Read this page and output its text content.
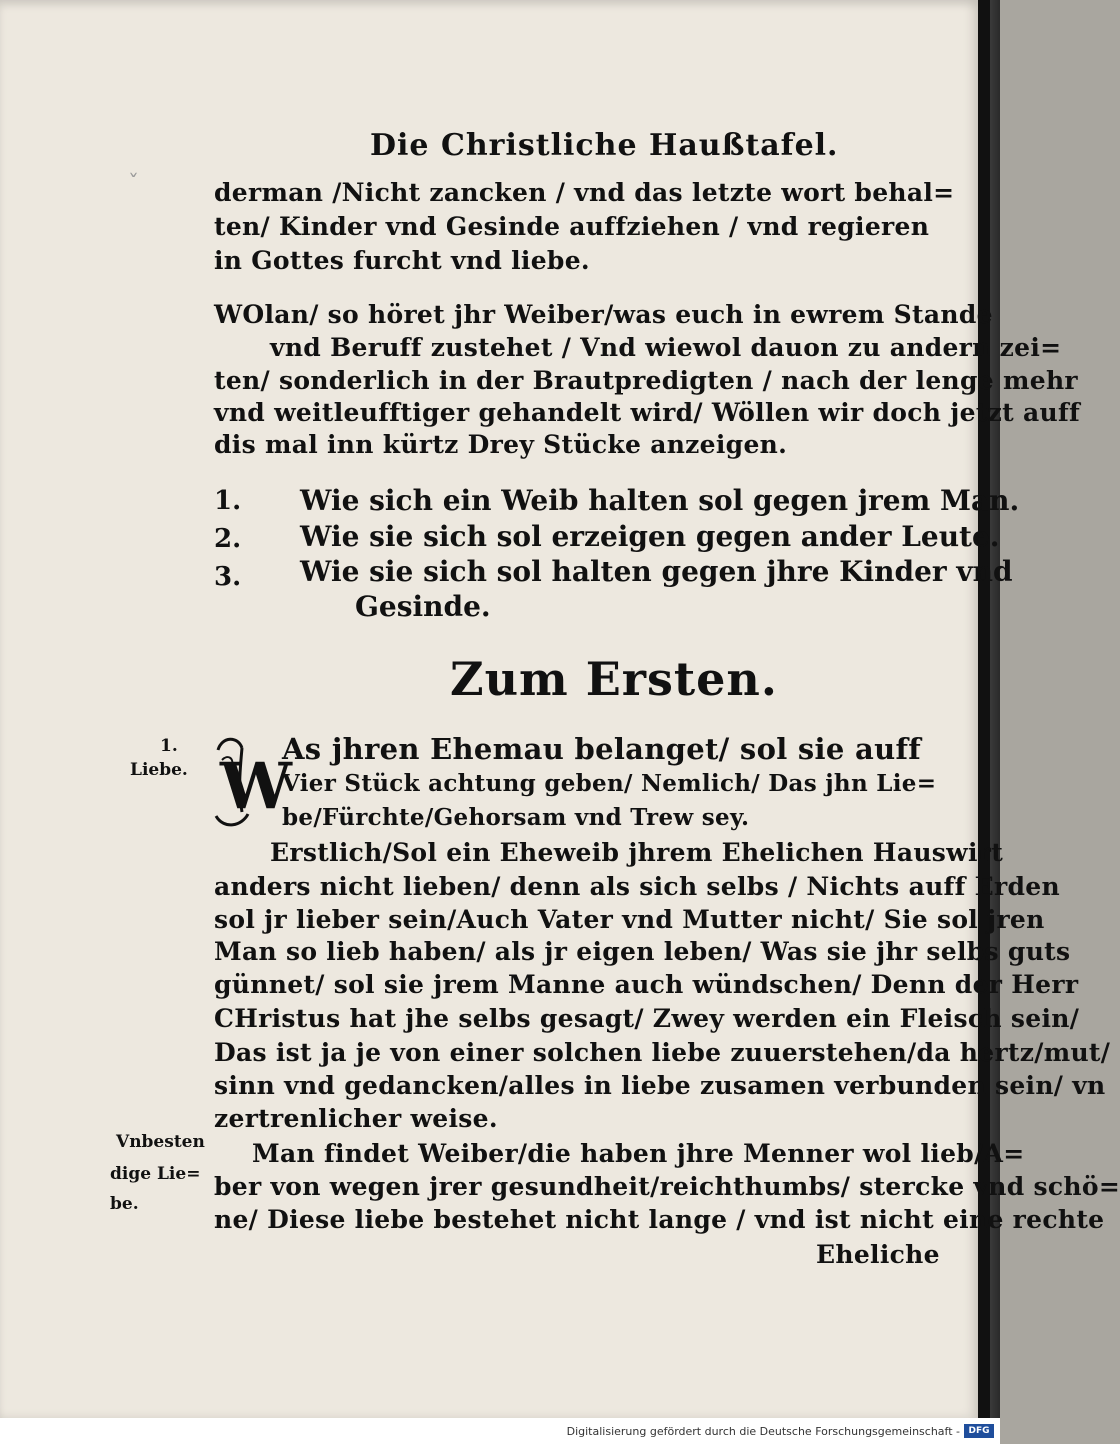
ˇ
Die Christliche Haußtafel.
derman /Nicht zancken / vnd das letzte wort behal=
ten/ Kinder vnd Gesinde auffziehen / vnd regieren
in Gottes furcht vnd liebe.
WOlan/ so höret jhr Weiber/was euch in ewrem Stande
vnd Beruff zustehet / Vnd wiewol dauon zu andern zei=
ten/ sonderlich in der Brautpredigten / nach der lenge mehr
vnd weitleufftiger gehandelt wird/ Wöllen wir doch jetzt auff
dis mal inn kürtz Drey Stücke anzeigen.
1. Wie sich ein Weib halten sol gegen jrem Man.
2. Wie sie sich sol erzeigen gegen ander Leute.
3. Wie sie sich sol halten gegen jhre Kinder vnd
Gesinde.
Zum Ersten.
1.
Liebe.
Vnbesten
dige Lie=
be.
W
As jhren Ehemau belanget/ sol sie auff
Vier Stück achtung geben/ Nemlich/ Das jhn Lie=
be/Fürchte/Gehorsam vnd Trew sey.
Erstlich/Sol ein Eheweib jhrem Ehelichen Hauswirt
anders nicht lieben/ denn als sich selbs / Nichts auff Erden
sol jr lieber sein/Auch Vater vnd Mutter nicht/ Sie sol jren
Man so lieb haben/ als jr eigen leben/ Was sie jhr selbs guts
günnet/ sol sie jrem Manne auch wündschen/ Denn der Herr
CHristus hat jhe selbs gesagt/ Zwey werden ein Fleisch sein/
Das ist ja je von einer solchen liebe zuuerstehen/da hertz/mut/
sinn vnd gedancken/alles in liebe zusamen verbunden sein/ vn
zertrenlicher weise.
Man findet Weiber/die haben jhre Menner wol lieb/A=
ber von wegen jrer gesundheit/reichthumbs/ stercke vnd schö=
ne/ Diese liebe bestehet nicht lange / vnd ist nicht eine rechte
Eheliche
Digitalisierung gefördert durch die Deutsche Forschungsgemeinschaft - DFG
